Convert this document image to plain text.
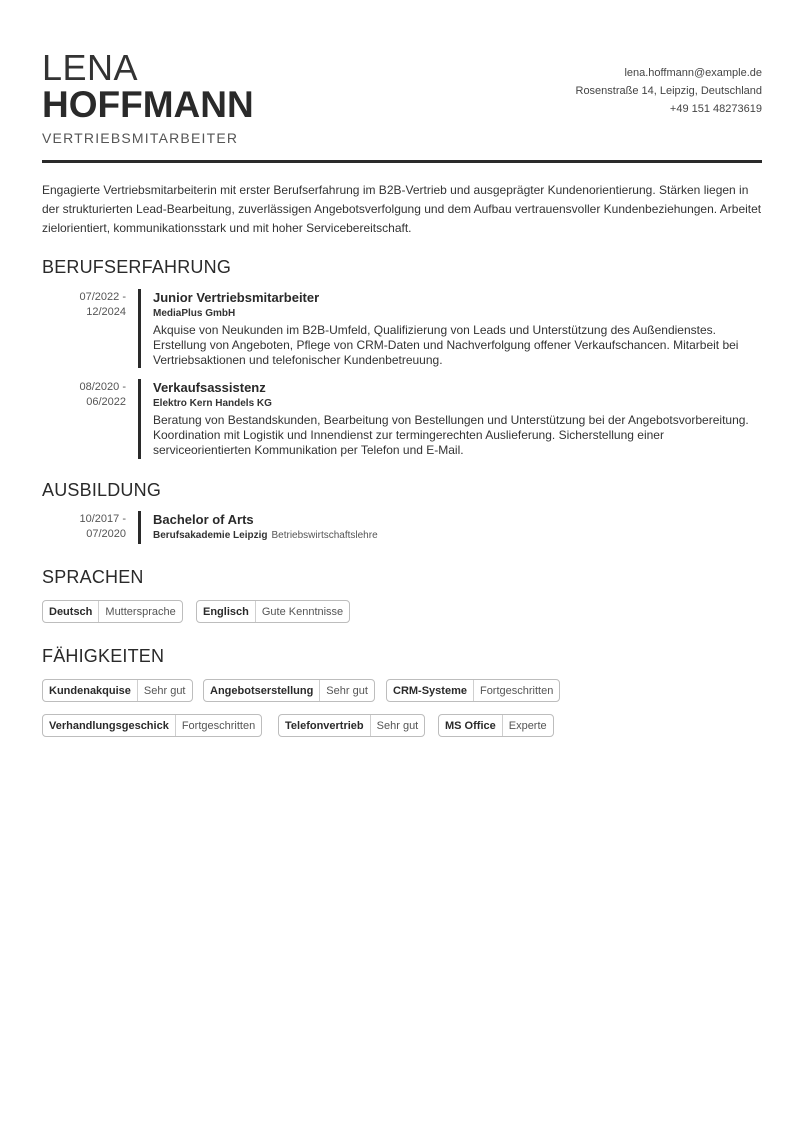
LENA
HOFFMANN
VERTRIEBSMITARBEITER
lena.hoffmann@example.de
Rosenstraße 14, Leipzig, Deutschland
+49 151 48273619
Engagierte Vertriebsmitarbeiterin mit erster Berufserfahrung im B2B-Vertrieb und ausgeprägter Kundenorientierung. Stärken liegen in der strukturierten Lead-Bearbeitung, zuverlässigen Angebotsverfolgung und dem Aufbau vertrauensvoller Kundenbeziehungen. Arbeitet zielorientiert, kommunikationsstark und mit hoher Servicebereitschaft.
BERUFSERFAHRUNG
07/2022 -
12/2024
Junior Vertriebsmitarbeiter
MediaPlus GmbH
Akquise von Neukunden im B2B-Umfeld, Qualifizierung von Leads und Unterstützung des Außendienstes. Erstellung von Angeboten, Pflege von CRM-Daten und Nachverfolgung offener Verkaufschancen. Mitarbeit bei Vertriebsaktionen und telefonischer Kundenbetreuung.
08/2020 -
06/2022
Verkaufsassistenz
Elektro Kern Handels KG
Beratung von Bestandskunden, Bearbeitung von Bestellungen und Unterstützung bei der Angebotsvorbereitung. Koordination mit Logistik und Innendienst zur termingerechten Auslieferung. Sicherstellung einer serviceorientierten Kommunikation per Telefon und E-Mail.
AUSBILDUNG
10/2017 -
07/2020
Bachelor of Arts
Berufsakademie Leipzig Betriebswirtschaftslehre
SPRACHEN
Deutsch	Muttersprache	Englisch	Gute Kenntnisse
FÄHIGKEITEN
Kundenakquise	Sehr gut	Angebotserstellung	Sehr gut	CRM-Systeme	Fortgeschritten
Verhandlungsgeschick	Fortgeschritten	Telefonvertrieb	Sehr gut	MS Office	Experte
